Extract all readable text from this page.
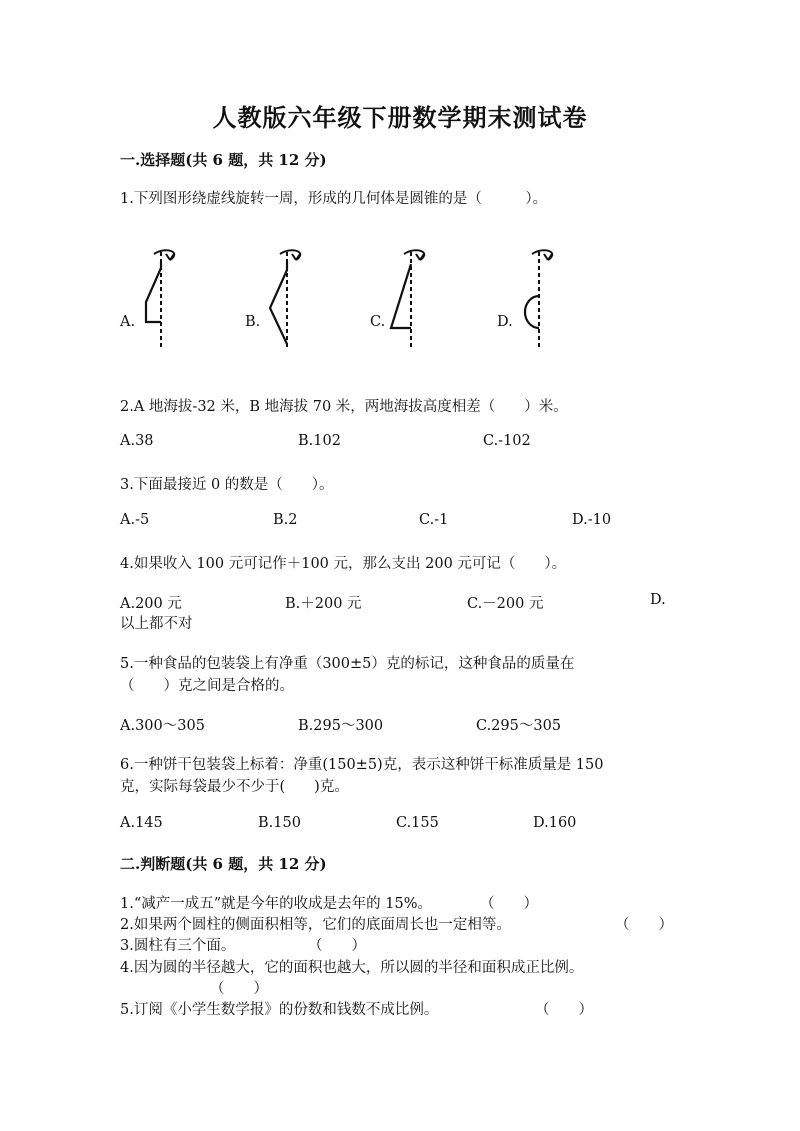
人教版六年级下册数学期末测试卷
一.选择题(共 6 题，共 12 分)
1.下列图形绕虚线旋转一周，形成的几何体是圆锥的是（　　　）。
A.	B.	C.	D.
2.A 地海拔-32 米，B 地海拔 70 米，两地海拔高度相差（　　）米。
A.38	B.102	C.-102
3.下面最接近 0 的数是（　　）。
A.-5	B.2	C.-1	D.-10
4.如果收入 100 元可记作＋100 元，那么支出 200 元可记（　　）。
A.200 元	B.＋200 元	C.－200 元	D.
以上都不对
5.一种食品的包装袋上有净重（300±5）克的标记，这种食品的质量在
（　　）克之间是合格的。
A.300～305	B.295～300	C.295～305
6.一种饼干包装袋上标着：净重(150±5)克，表示这种饼干标准质量是 150
克，实际每袋最少不少于(　　)克。
A.145	B.150	C.155	D.160
二.判断题(共 6 题，共 12 分)
1.“减产一成五”就是今年的收成是去年的 15%。	（　　）
2.如果两个圆柱的侧面积相等，它们的底面周长也一定相等。	（　　）
3.圆柱有三个面。	（　　）
4.因为圆的半径越大，它的面积也越大，所以圆的半径和面积成正比例。
（　　）
5.订阅《小学生数学报》的份数和钱数不成比例。	（　　）
